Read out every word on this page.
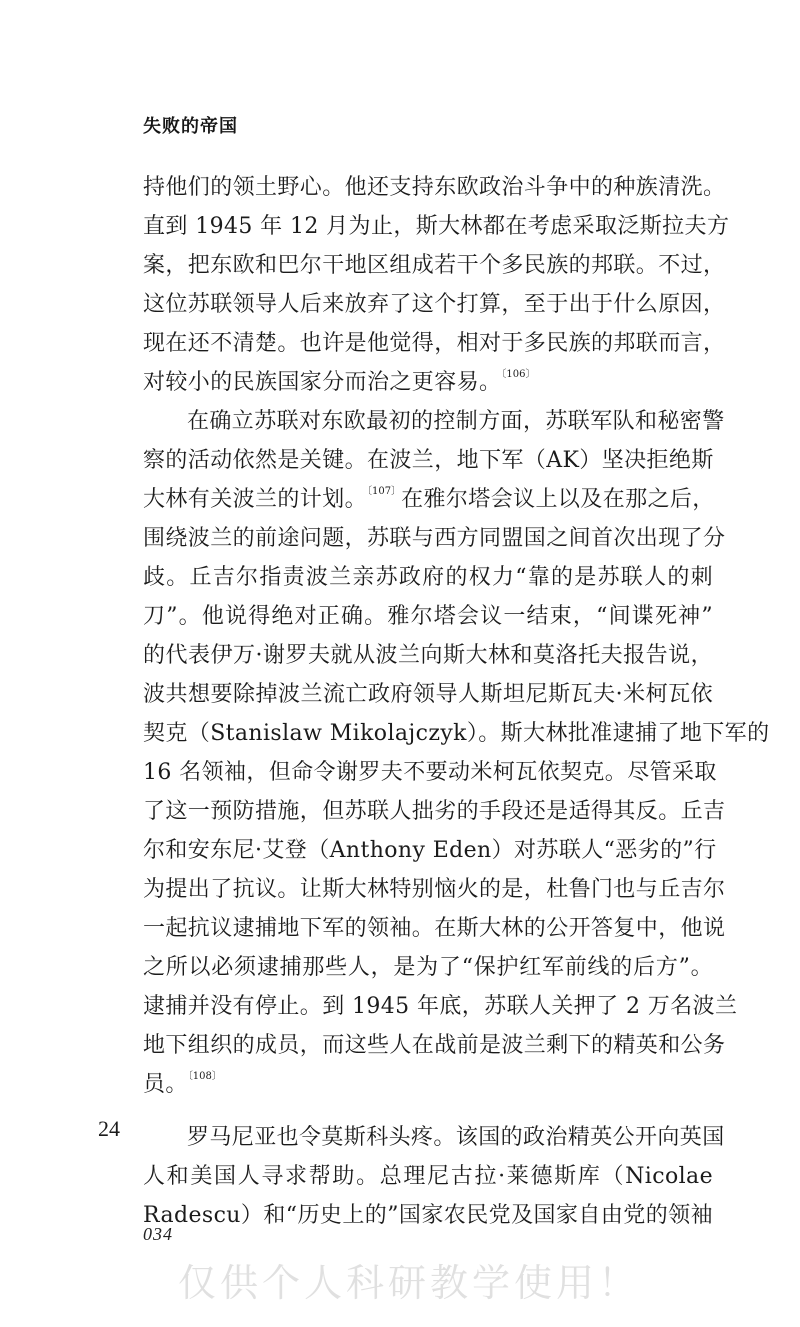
失败的帝国
持他们的领土野心。他还支持东欧政治斗争中的种族清洗。
直到 1945 年 12 月为止，斯大林都在考虑采取泛斯拉夫方
案，把东欧和巴尔干地区组成若干个多民族的邦联。不过，
这位苏联领导人后来放弃了这个打算，至于出于什么原因，
现在还不清楚。也许是他觉得，相对于多民族的邦联而言，
对较小的民族国家分而治之更容易。$^{〔106〕}$
在确立苏联对东欧最初的控制方面，苏联军队和秘密警
察的活动依然是关键。在波兰，地下军（AK）坚决拒绝斯
大林有关波兰的计划。$^{〔107〕}$在雅尔塔会议上以及在那之后，
围绕波兰的前途问题，苏联与西方同盟国之间首次出现了分
歧。丘吉尔指责波兰亲苏政府的权力“靠的是苏联人的刺
刀”。他说得绝对正确。雅尔塔会议一结束，“间谍死神”
的代表伊万·谢罗夫就从波兰向斯大林和莫洛托夫报告说，
波共想要除掉波兰流亡政府领导人斯坦尼斯瓦夫·米柯瓦依
契克（Stanislaw Mikolajczyk）。斯大林批准逮捕了地下军的
16 名领袖，但命令谢罗夫不要动米柯瓦依契克。尽管采取
了这一预防措施，但苏联人拙劣的手段还是适得其反。丘吉
尔和安东尼·艾登（Anthony Eden）对苏联人“恶劣的”行
为提出了抗议。让斯大林特别恼火的是，杜鲁门也与丘吉尔
一起抗议逮捕地下军的领袖。在斯大林的公开答复中，他说
之所以必须逮捕那些人，是为了“保护红军前线的后方”。
逮捕并没有停止。到 1945 年底，苏联人关押了 2 万名波兰
地下组织的成员，而这些人在战前是波兰剩下的精英和公务
员。$^{〔108〕}$
罗马尼亚也令莫斯科头疼。该国的政治精英公开向英国
人和美国人寻求帮助。总理尼古拉·莱德斯库（Nicolae
Radescu）和“历史上的”国家农民党及国家自由党的领袖
24
034
仅供个人科研教学使用！
